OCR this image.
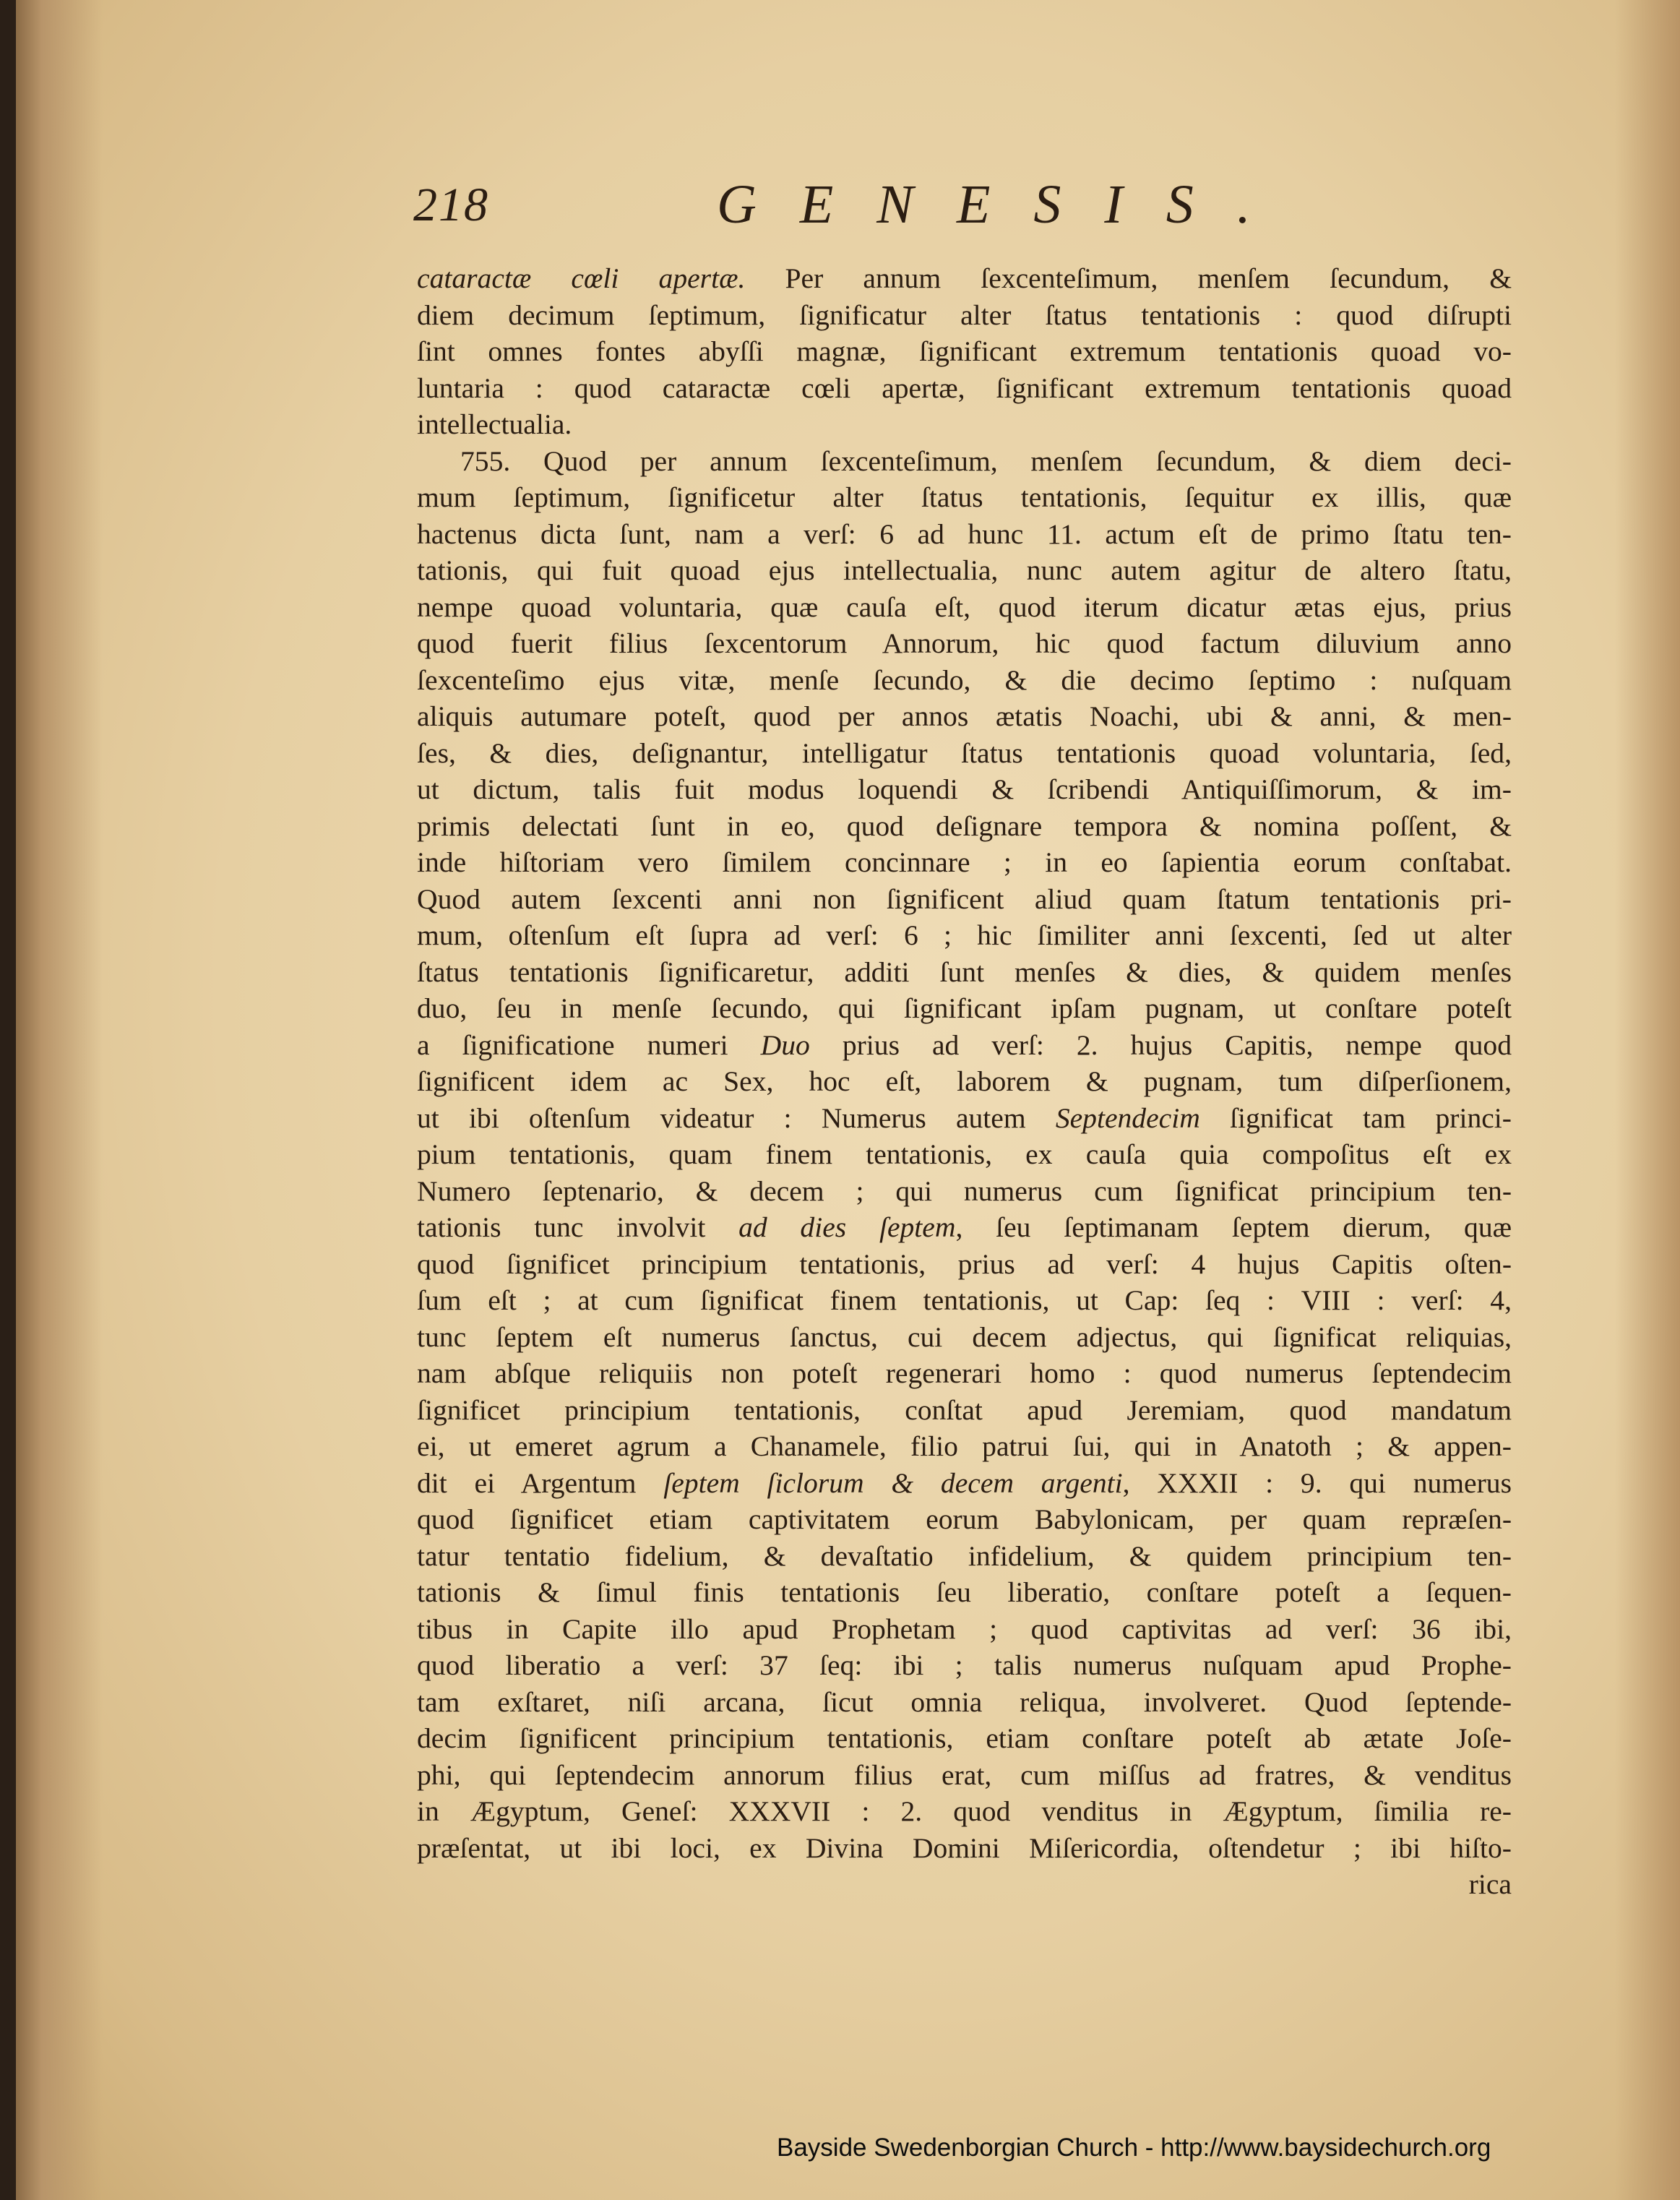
218	GENESIS.
cataractæ cœli apertæ. Per annum ſexcenteſimum, menſem ſecundum, &
diem decimum ſeptimum, ſignificatur alter ſtatus tentationis : quod diſrupti
ſint omnes fontes abyſſi magnæ, ſignificant extremum tentationis quoad vo-
luntaria : quod cataractæ cœli apertæ, ſignificant extremum tentationis quoad
intellectualia.
755. Quod per annum ſexcenteſimum, menſem ſecundum, & diem deci-
mum ſeptimum, ſignificetur alter ſtatus tentationis, ſequitur ex illis, quæ
hactenus dicta ſunt, nam a verſ: 6 ad hunc 11. actum eſt de primo ſtatu ten-
tationis, qui fuit quoad ejus intellectualia, nunc autem agitur de altero ſtatu,
nempe quoad voluntaria, quæ cauſa eſt, quod iterum dicatur ætas ejus, prius
quod fuerit filius ſexcentorum Annorum, hic quod factum diluvium anno
ſexcenteſimo ejus vitæ, menſe ſecundo, & die decimo ſeptimo : nuſquam
aliquis autumare poteſt, quod per annos ætatis Noachi, ubi & anni, & men-
ſes, & dies, deſignantur, intelligatur ſtatus tentationis quoad voluntaria, ſed,
ut dictum, talis fuit modus loquendi & ſcribendi Antiquiſſimorum, & im-
primis delectati ſunt in eo, quod deſignare tempora & nomina poſſent, &
inde hiſtoriam vero ſimilem concinnare ; in eo ſapientia eorum conſtabat.
Quod autem ſexcenti anni non ſignificent aliud quam ſtatum tentationis pri-
mum, oſtenſum eſt ſupra ad verſ: 6 ; hic ſimiliter anni ſexcenti, ſed ut alter
ſtatus tentationis ſignificaretur, additi ſunt menſes & dies, & quidem menſes
duo, ſeu in menſe ſecundo, qui ſignificant ipſam pugnam, ut conſtare poteſt
a ſignificatione numeri Duo prius ad verſ: 2. hujus Capitis, nempe quod
ſignificent idem ac Sex, hoc eſt, laborem & pugnam, tum diſperſionem,
ut ibi oſtenſum videatur : Numerus autem Septendecim ſignificat tam princi-
pium tentationis, quam finem tentationis, ex cauſa quia compoſitus eſt ex
Numero ſeptenario, & decem ; qui numerus cum ſignificat principium ten-
tationis tunc involvit ad dies ſeptem, ſeu ſeptimanam ſeptem dierum, quæ
quod ſignificet principium tentationis, prius ad verſ: 4 hujus Capitis oſten-
ſum eſt ; at cum ſignificat finem tentationis, ut Cap: ſeq : VIII : verſ: 4,
tunc ſeptem eſt numerus ſanctus, cui decem adjectus, qui ſignificat reliquias,
nam abſque reliquiis non poteſt regenerari homo : quod numerus ſeptendecim
ſignificet principium tentationis, conſtat apud Jeremiam, quod mandatum
ei, ut emeret agrum a Chanamele, filio patrui ſui, qui in Anatoth ; & appen-
dit ei Argentum ſeptem ſiclorum & decem argenti, XXXII : 9. qui numerus
quod ſignificet etiam captivitatem eorum Babylonicam, per quam repræſen-
tatur tentatio fidelium, & devaſtatio infidelium, & quidem principium ten-
tationis & ſimul finis tentationis ſeu liberatio, conſtare poteſt a ſequen-
tibus in Capite illo apud Prophetam ; quod captivitas ad verſ: 36 ibi,
quod liberatio a verſ: 37 ſeq: ibi ; talis numerus nuſquam apud Prophe-
tam exſtaret, niſi arcana, ſicut omnia reliqua, involveret. Quod ſeptende-
decim ſignificent principium tentationis, etiam conſtare poteſt ab ætate Joſe-
phi, qui ſeptendecim annorum filius erat, cum miſſus ad fratres, & venditus
in Ægyptum, Geneſ: XXXVII : 2. quod venditus in Ægyptum, ſimilia re-
præſentat, ut ibi loci, ex Divina Domini Miſericordia, oſtendetur ; ibi hiſto-
rica
Bayside Swedenborgian Church - http://www.baysidechurch.org
